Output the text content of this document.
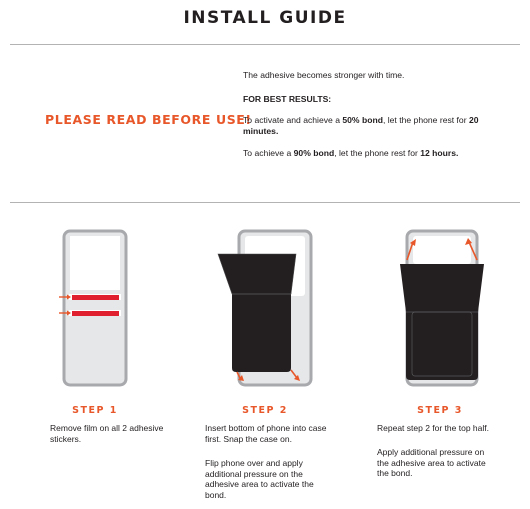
INSTALL GUIDE
PLEASE READ BEFORE USE!
The adhesive becomes stronger with time.
FOR BEST RESULTS:
To activate and achieve a 50% bond, let the phone rest for 20 minutes.
To achieve a 90% bond, let the phone rest for 12 hours.
STEP 1	STEP 2	STEP 3
Remove film on all 2 adhesive stickers.
Insert bottom of phone into case first. Snap the case on.
Flip phone over and apply additional pressure on the adhesive area to activate the bond.
Repeat step 2 for the top half.
Apply additional pressure on the adhesive area to activate the bond.
